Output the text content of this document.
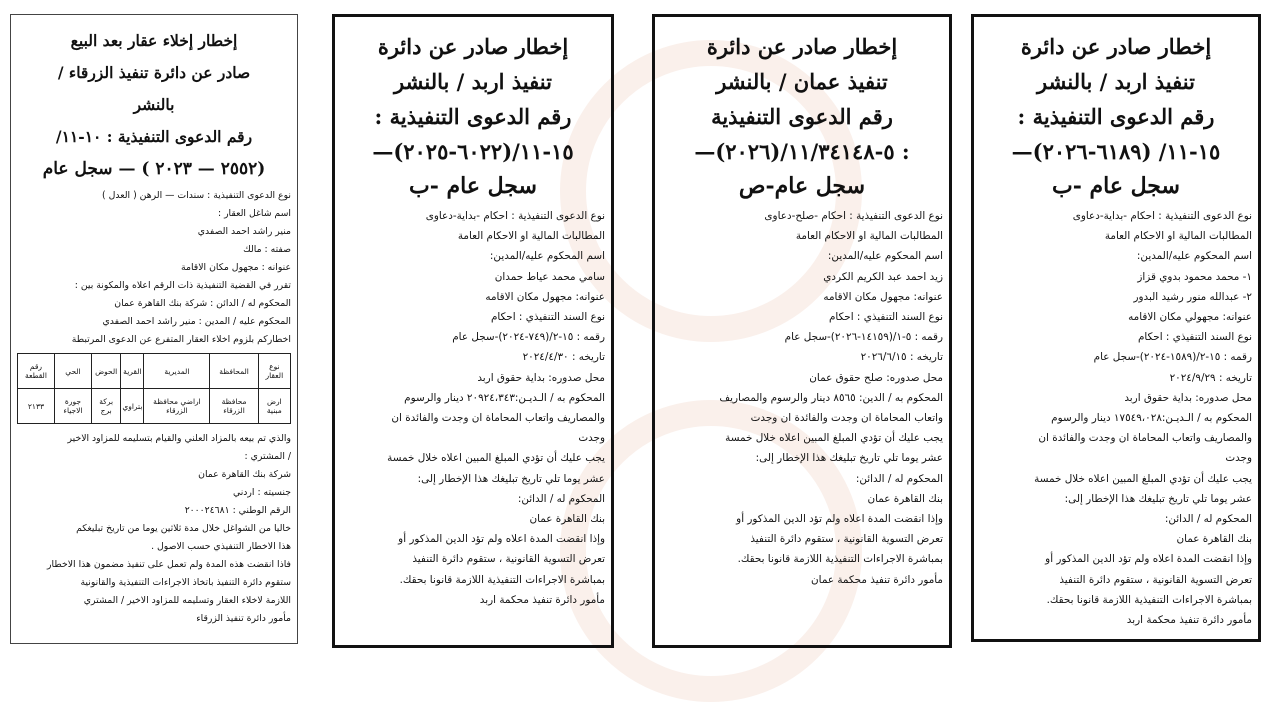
إخطار صادر عن دائرة
تنفيذ اربد / بالنشر
رقم الدعوى التنفيذية :
١٥-١١/ (٦١٨٩-٢٠٢٦)—
سجل عام -ب
نوع الدعوى التنفيذية : احكام -بداية-دعاوى
المطالبات المالية او الاحكام العامة
اسم المحكوم عليه/المدين:
١- محمد محمود بدوي قزاز
٢- عبدالله منور رشيد البدور
عنوانه: مجهولي مكان الاقامه
نوع السند التنفيذي : احكام
رقمه : ١٥-٢/(١٥٨٩-٢٠٢٤)-سجل عام
تاريخه : ٢٠٢٤/٩/٢٩
محل صدوره: بداية حقوق اربد
المحكوم به / الـديـن:١٧٥٤٩،٠٢٨ دينار والرسوم
والمصاريف واتعاب المحاماة ان وجدت والفائدة ان
وجدت
يجب عليك أن تؤدي المبلغ المبين اعلاه خلال خمسة
عشر يوما تلي تاريخ تبليغك هذا الإخطار إلى:
المحكوم له / الدائن:
بنك القاهرة عمان
وإذا انقضت المدة اعلاه ولم تؤد الدين المذكور أو
تعرض التسوية القانونية ، ستقوم دائرة التنفيذ
بمباشرة الاجراءات التنفيذية اللازمة قانونا بحقك.
مأمور دائرة تنفيذ محكمة اربد
إخطار صادر عن دائرة
تنفيذ عمان / بالنشر
رقم الدعوى التنفيذية
: ٥-١١/٣٤١٤٨/(٢٠٢٦)—
سجل عام-ص
نوع الدعوى التنفيذية : احكام -صلح-دعاوى
المطالبات المالية او الاحكام العامة
اسم المحكوم عليه/المدين:
زيد احمد عبد الكريم الكردي
عنوانه: مجهول مكان الاقامه
نوع السند التنفيذي : احكام
رقمه : ٥-١/(١٤١٥٩-٢٠٢٦)-سجل عام
تاريخه : ٢٠٢٦/٦/١٥
محل صدوره: صلح حقوق عمان
المحكوم به / الدين: ٨٥٦٥ دينار والرسوم والمصاريف
واتعاب المحاماة ان وجدت والفائدة ان وجدت
يجب عليك أن تؤدي المبلغ المبين اعلاه خلال خمسة
عشر يوما تلي تاريخ تبليغك هذا الإخطار إلى:
المحكوم له / الدائن:
بنك القاهرة عمان
وإذا انقضت المدة اعلاه ولم تؤد الدين المذكور أو
تعرض التسوية القانونية ، ستقوم دائرة التنفيذ
بمباشرة الاجراءات التنفيذية اللازمة قانونا بحقك.
مأمور دائرة تنفيذ محكمة عمان
إخطار صادر عن دائرة
تنفيذ اربد / بالنشر
رقم الدعوى التنفيذية :
١٥-١١/(٦٠٢٢-٢٠٢٥)—
سجل عام -ب
نوع الدعوى التنفيذية : احكام -بداية-دعاوى
المطالبات المالية او الاحكام العامة
اسم المحكوم عليه/المدين:
سامي محمد عياط حمدان
عنوانه: مجهول مكان الاقامه
نوع السند التنفيذي : احكام
رقمه : ١٥-٢/(٧٤٩-٢٠٢٤)-سجل عام
تاريخه : ٢٠٢٤/٤/٣٠
محل صدوره: بداية حقوق اربد
المحكوم به / الـديـن:٢٠٩٢٤،٣٤٣ دينار والرسوم
والمصاريف واتعاب المحاماة ان وجدت والفائدة ان
وجدت
يجب عليك أن تؤدي المبلغ المبين اعلاه خلال خمسة
عشر يوما تلي تاريخ تبليغك هذا الإخطار إلى:
المحكوم له / الدائن:
بنك القاهرة عمان
وإذا انقضت المدة اعلاه ولم تؤد الدين المذكور أو
تعرض التسوية القانونية ، ستقوم دائرة التنفيذ
بمباشرة الاجراءات التنفيذية اللازمة قانونا بحقك.
مأمور دائرة تنفيذ محكمة اربد
إخطار إخلاء عقار بعد البيع
صادر عن دائرة تنفيذ الزرقاء /
بالنشر
رقم الدعوى التنفيذية : ١٠-١١/
(٢٥٥٢ — ٢٠٢٣ ) — سجل عام
نوع الدعوى التنفيذية : سندات — الرهن ( العدل )
اسم شاغل العقار :
منير راشد احمد الصفدي
صفته : مالك
عنوانه : مجهول مكان الاقامة
تقرر في القضية التنفيذية ذات الرقم اعلاه والمكونة بين :
المحكوم له / الدائن : شركة بنك القاهرة عمان
المحكوم عليه / المدين : منير راشد احمد الصفدي
اخطاركم بلزوم اخلاء العقار المتفرع عن الدعوى المرتبطة
نوع العقار	المحافظة	المديرية	القرية	الحوض	الحي	رقم القطعة
ارض مبنية	محافظة الزرقاء	اراضي محافظة الزرقاء	بتراوي	بركة برج	جورة الاجياء	٢١٣٣
والذي تم بيعه بالمزاد العلني والقيام بتسليمه للمزاود الاخير
/ المشتري :
شركة بنك القاهرة عمان
جنسيته : اردني
الرقم الوطني : ٢٠٠٠٢٤٦٨١
خاليا من الشواغل خلال مدة ثلاثين يوما من تاريخ تبليغكم
هذا الاخطار التنفيذي حسب الاصول .
فاذا انقضت هذه المدة ولم تعمل على تنفيذ مضمون هذا الاخطار
ستقوم دائرة التنفيذ باتخاذ الاجراءات التنفيذية والقانونية
اللازمة لاخلاء العقار وتسليمه للمزاود الاخير / المشتري
مأمور دائرة تنفيذ الزرقاء
